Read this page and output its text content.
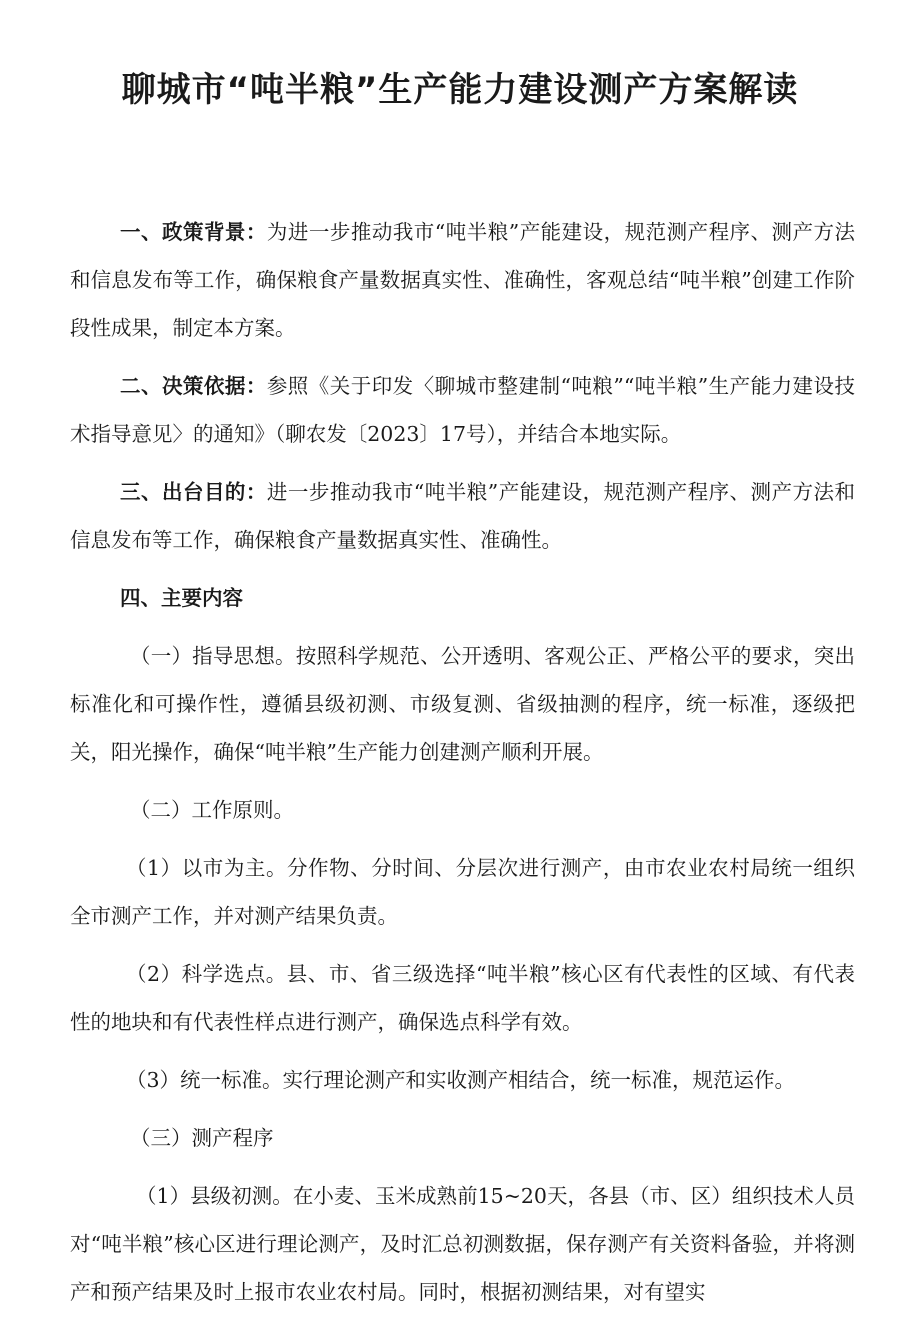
聊城市“吨半粮”生产能力建设测产方案解读

一、政策背景：为进一步推动我市“吨半粮”产能建设，规范测产程序、测产方法和信息发布等工作，确保粮食产量数据真实性、准确性，客观总结“吨半粮”创建工作阶段性成果，制定本方案。

二、决策依据：参照《关于印发〈聊城市整建制“吨粮”“吨半粮”生产能力建设技术指导意见〉的通知》（聊农发〔2023〕17号），并结合本地实际。

三、出台目的：进一步推动我市“吨半粮”产能建设，规范测产程序、测产方法和信息发布等工作，确保粮食产量数据真实性、准确性。

四、主要内容

（一）指导思想。按照科学规范、公开透明、客观公正、严格公平的要求，突出标准化和可操作性，遵循县级初测、市级复测、省级抽测的程序，统一标准，逐级把关，阳光操作，确保“吨半粮”生产能力创建测产顺利开展。

（二）工作原则。

（1）以市为主。分作物、分时间、分层次进行测产，由市农业农村局统一组织全市测产工作，并对测产结果负责。

（2）科学选点。县、市、省三级选择“吨半粮”核心区有代表性的区域、有代表性的地块和有代表性样点进行测产，确保选点科学有效。

（3）统一标准。实行理论测产和实收测产相结合，统一标准，规范运作。

（三）测产程序

（1）县级初测。在小麦、玉米成熟前15~20天，各县（市、区）组织技术人员对“吨半粮”核心区进行理论测产，及时汇总初测数据，保存测产有关资料备验，并将测产和预产结果及时上报市农业农村局。同时，根据初测结果，对有望实
